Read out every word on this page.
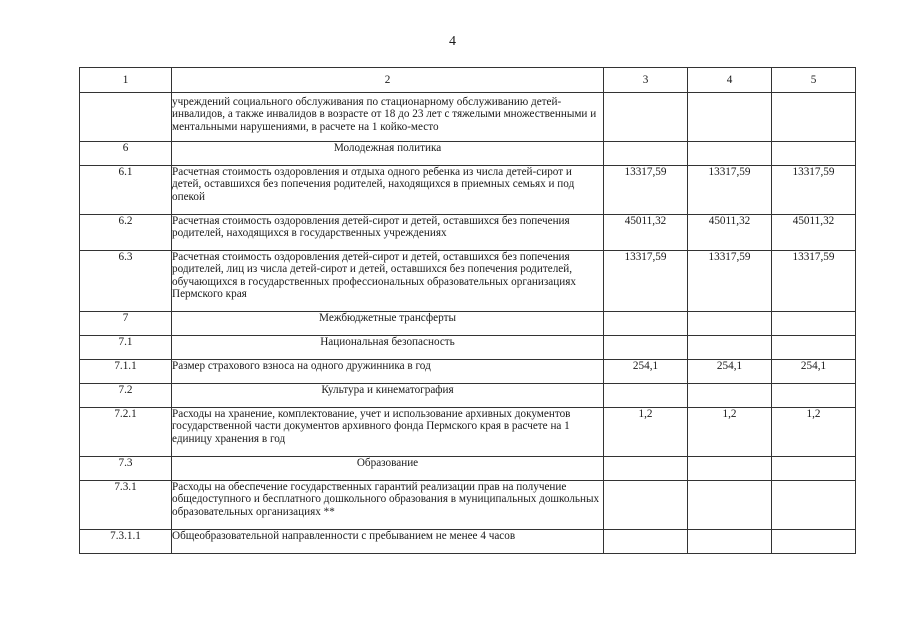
4
1	2	3	4	5
	учреждений социального обслуживания по стационарному обслуживанию детей-инвалидов, а также инвалидов в возрасте от 18 до 23 лет с тяжелыми множественными и ментальными нарушениями, в расчете на 1 койко-место			
6	Молодежная политика			
6.1	Расчетная стоимость оздоровления и отдыха одного ребенка из числа детей-сирот и детей, оставшихся без попечения родителей, находящихся в приемных семьях и под опекой	13317,59	13317,59	13317,59
6.2	Расчетная стоимость оздоровления детей-сирот и детей, оставшихся без попечения родителей, находящихся в государственных учреждениях	45011,32	45011,32	45011,32
6.3	Расчетная стоимость оздоровления детей-сирот и детей, оставшихся без попечения родителей, лиц из числа детей-сирот и детей, оставшихся без попечения родителей, обучающихся в государственных профессиональных образовательных организациях Пермского края	13317,59	13317,59	13317,59
7	Межбюджетные трансферты			
7.1	Национальная безопасность			
7.1.1	Размер страхового взноса на одного дружинника в год	254,1	254,1	254,1
7.2	Культура и кинематография			
7.2.1	Расходы на хранение, комплектование, учет и использование архивных документов государственной части документов архивного фонда Пермского края в расчете на 1 единицу хранения в год	1,2	1,2	1,2
7.3	Образование			
7.3.1	Расходы на обеспечение государственных гарантий реализации прав на получение общедоступного и бесплатного дошкольного образования в муниципальных дошкольных образовательных организациях **			
7.3.1.1	Общеобразовательной направленности с пребыванием не менее 4 часов			
